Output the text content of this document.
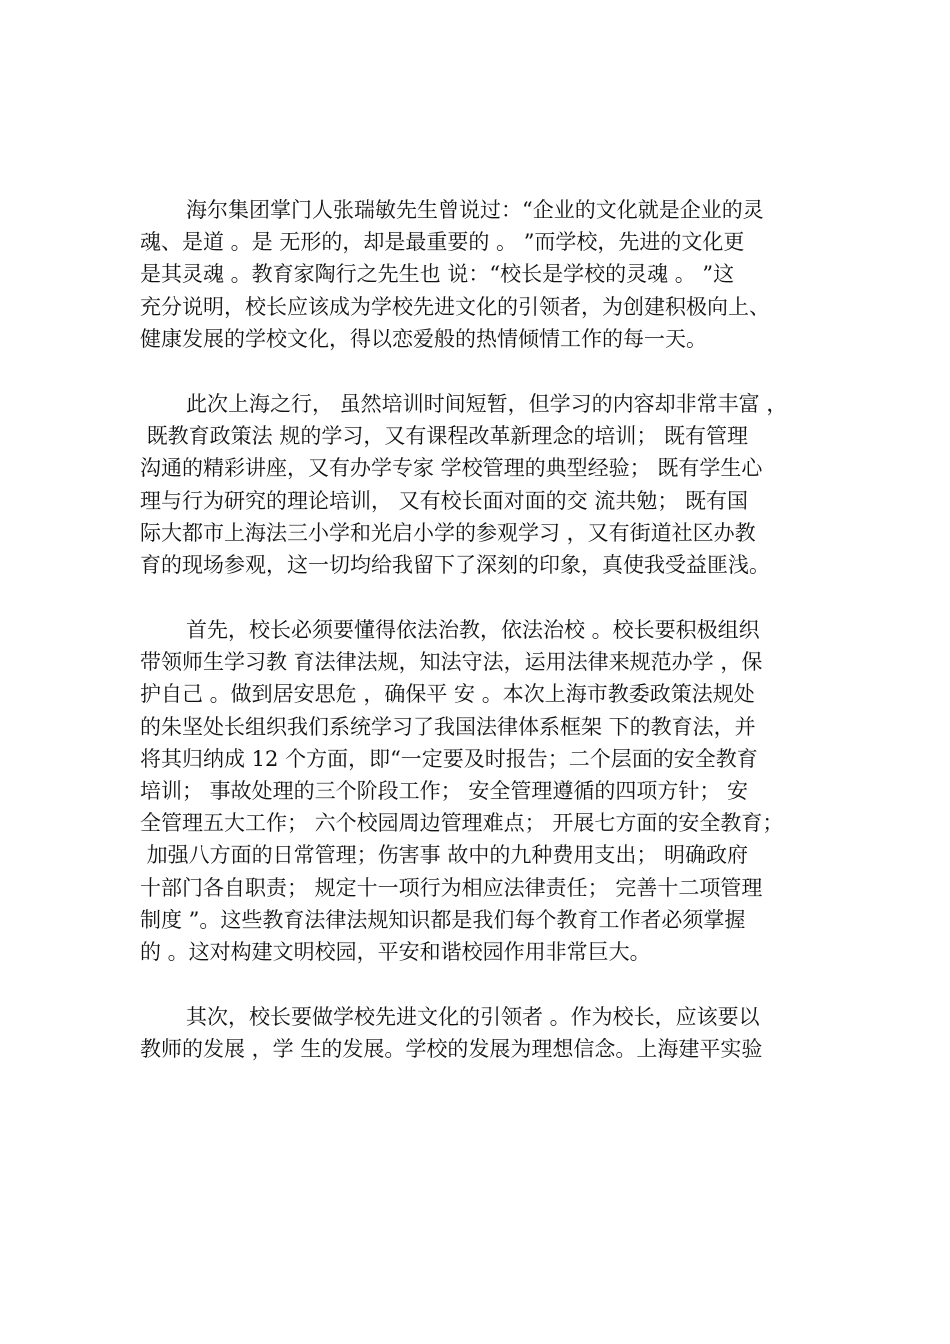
海尔集团掌门人张瑞敏先生曾说过：“企业的文化就是企业的灵
魂、是道 。是 无形的，却是最重要的 。 ”而学校，先进的文化更
是其灵魂 。教育家陶行之先生也 说：“校长是学校的灵魂 。 ”这
充分说明，校长应该成为学校先进文化的引领者，为创建积极向上、
健康发展的学校文化，得以恋爱般的热情倾情工作的每一天。
此次上海之行， 虽然培训时间短暂，但学习的内容却非常丰富 ，
既教育政策法 规的学习，又有课程改革新理念的培训； 既有管理
沟通的精彩讲座，又有办学专家 学校管理的典型经验； 既有学生心
理与行为研究的理论培训， 又有校长面对面的交 流共勉； 既有国
际大都市上海法三小学和光启小学的参观学习 ，又有街道社区办教
育的现场参观，这一切均给我留下了深刻的印象，真使我受益匪浅。
首先，校长必须要懂得依法治教，依法治校 。校长要积极组织
带领师生学习教 育法律法规，知法守法，运用法律来规范办学 ，保
护自己 。做到居安思危 ，确保平 安 。本次上海市教委政策法规处
的朱坚处长组织我们系统学习了我国法律体系框架 下的教育法，并
将其归纳成 12 个方面，即“一定要及时报告；二个层面的安全教育
培训； 事故处理的三个阶段工作； 安全管理遵循的四项方针； 安
全管理五大工作； 六个校园周边管理难点； 开展七方面的安全教育；
加强八方面的日常管理；伤害事 故中的九种费用支出； 明确政府
十部门各自职责； 规定十一项行为相应法律责任； 完善十二项管理
制度 ”。这些教育法律法规知识都是我们每个教育工作者必须掌握
的 。这对构建文明校园，平安和谐校园作用非常巨大。
其次，校长要做学校先进文化的引领者 。作为校长，应该要以
教师的发展 ，学 生的发展。学校的发展为理想信念。上海建平实验
